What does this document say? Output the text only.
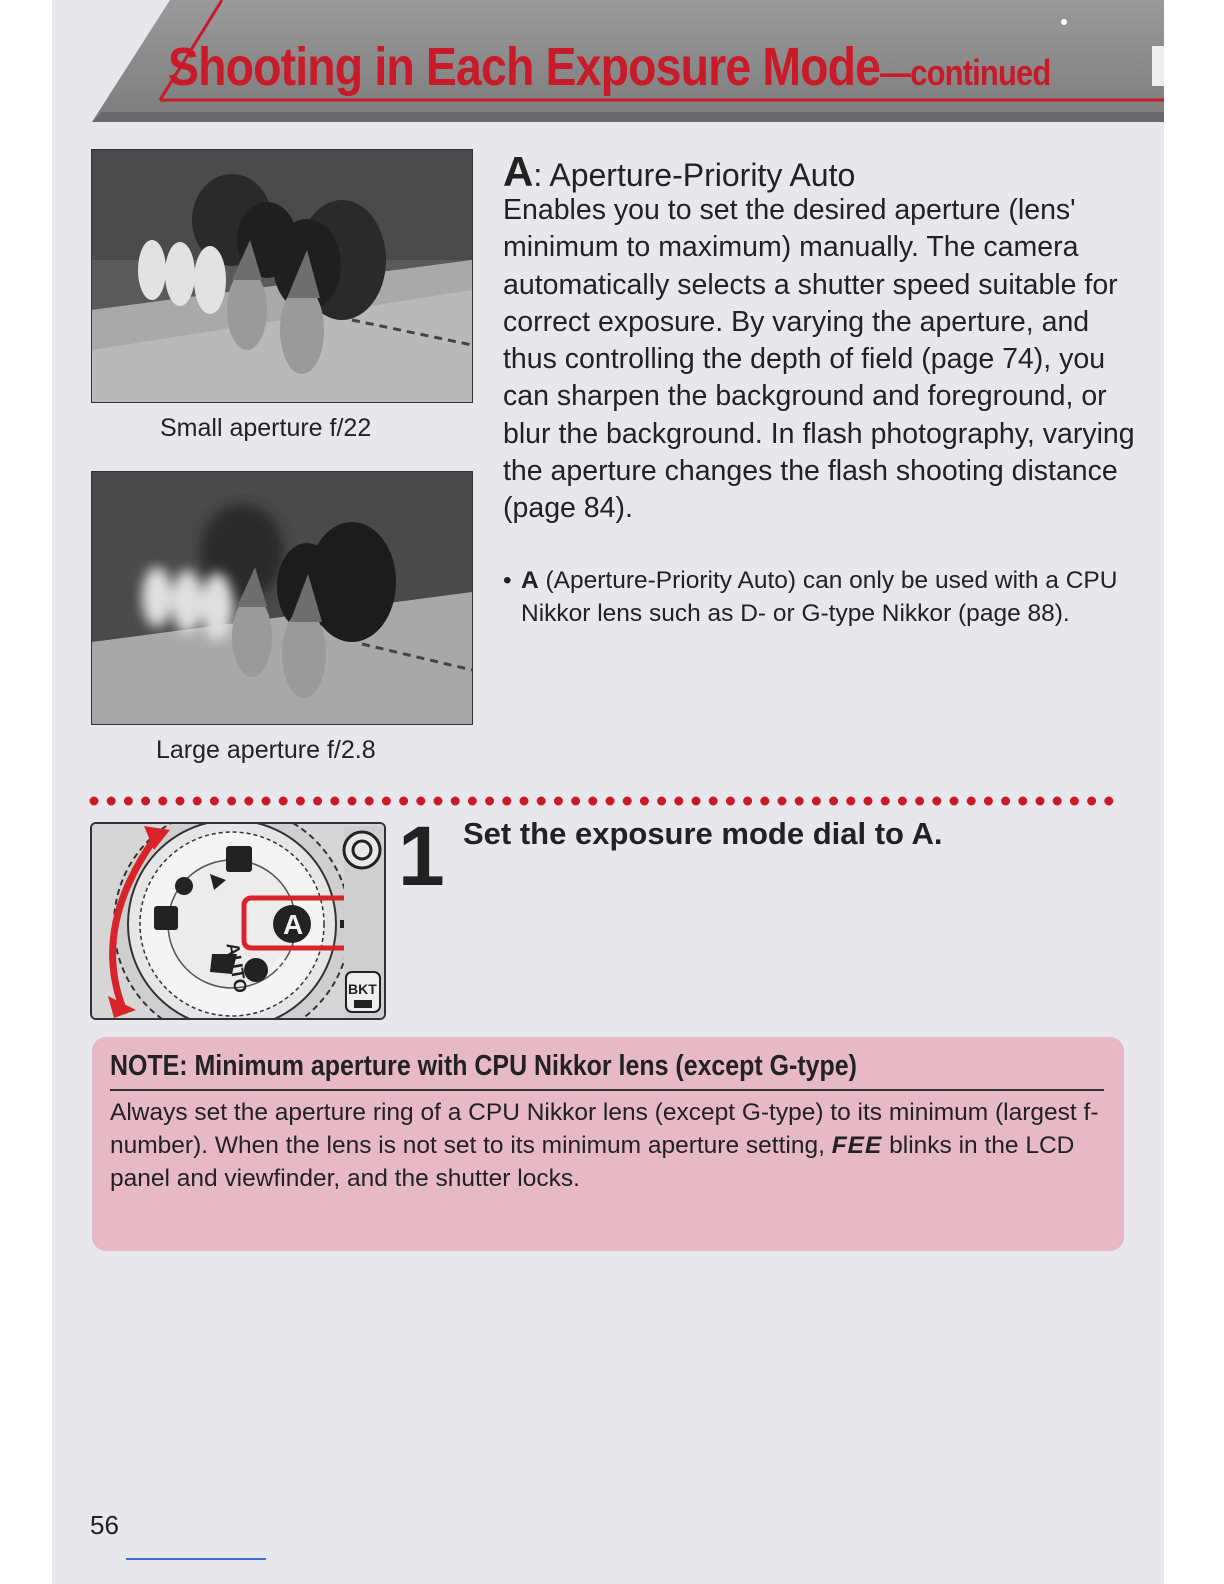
Shooting in Each Exposure Mode—continued
Small aperture f/22
Large aperture f/2.8
A: Aperture-Priority Auto
Enables you to set the desired aperture (lens' minimum to maximum) manually. The camera automatically selects a shutter speed suitable for correct exposure. By varying the aperture, and thus controlling the depth of field (page 74), you can sharpen the background and foreground, or blur the background. In flash photography, varying the aperture changes the flash shooting distance (page 84).
• A (Aperture-Priority Auto) can only be used with a CPU Nikkor lens such as D- or G-type Nikkor (page 88).
AUTO P
A
BKT
1 Set the exposure mode dial to A.
NOTE: Minimum aperture with CPU Nikkor lens (except G-type)
Always set the aperture ring of a CPU Nikkor lens (except G-type) to its minimum (largest f-number). When the lens is not set to its minimum aperture setting, FEE blinks in the LCD panel and viewfinder, and the shutter locks.
56
